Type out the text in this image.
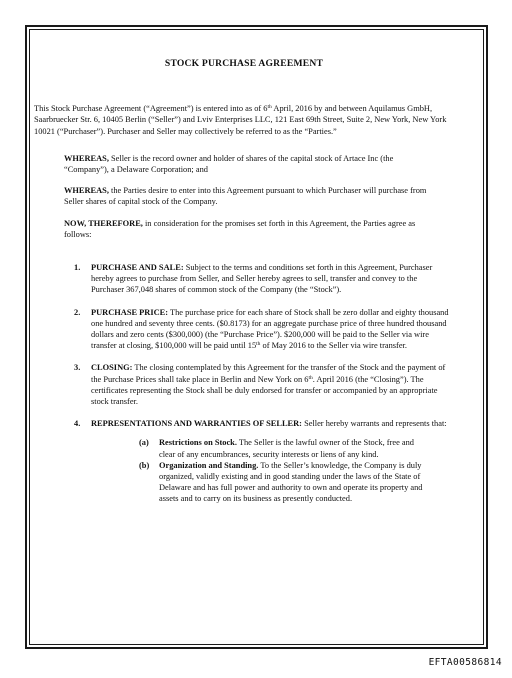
STOCK PURCHASE AGREEMENT

This Stock Purchase Agreement (“Agreement”) is entered into as of 6th April, 2016 by and between Aquilamus GmbH, Saarbruecker Str. 6, 10405 Berlin (“Seller”) and Lviv Enterprises LLC, 121 East 69th Street, Suite 2, New York, New York 10021 (“Purchaser”). Purchaser and Seller may collectively be referred to as the “Parties.”

WHEREAS, Seller is the record owner and holder of shares of the capital stock of Artace Inc (the “Company”), a Delaware Corporation; and

WHEREAS, the Parties desire to enter into this Agreement pursuant to which Purchaser will purchase from Seller shares of capital stock of the Company.

NOW, THEREFORE, in consideration for the promises set forth in this Agreement, the Parties agree as follows:

1. PURCHASE AND SALE: Subject to the terms and conditions set forth in this Agreement, Purchaser hereby agrees to purchase from Seller, and Seller hereby agrees to sell, transfer and convey to the Purchaser 367,048 shares of common stock of the Company (the “Stock”).
2. PURCHASE PRICE: The purchase price for each share of Stock shall be zero dollar and eighty thousand one hundred and seventy three cents. ($0.8173) for an aggregate purchase price of three hundred thousand dollars and zero cents ($300,000) (the “Purchase Price”). $200,000 will be paid to the Seller via wire transfer at closing, $100,000 will be paid until 15th of May 2016 to the Seller via wire transfer.
3. CLOSING: The closing contemplated by this Agreement for the transfer of the Stock and the payment of the Purchase Prices shall take place in Berlin and New York on 6th. April 2016 (the “Closing”). The certificates representing the Stock shall be duly endorsed for transfer or accompanied by an appropriate stock transfer.
4. REPRESENTATIONS AND WARRANTIES OF SELLER: Seller hereby warrants and represents that:
(a) Restrictions on Stock. The Seller is the lawful owner of the Stock, free and clear of any encumbrances, security interests or liens of any kind.
(b) Organization and Standing. To the Seller’s knowledge, the Company is duly organized, validly existing and in good standing under the laws of the State of Delaware and has full power and authority to own and operate its property and assets and to carry on its business as presently conducted.
EFTA00586814
